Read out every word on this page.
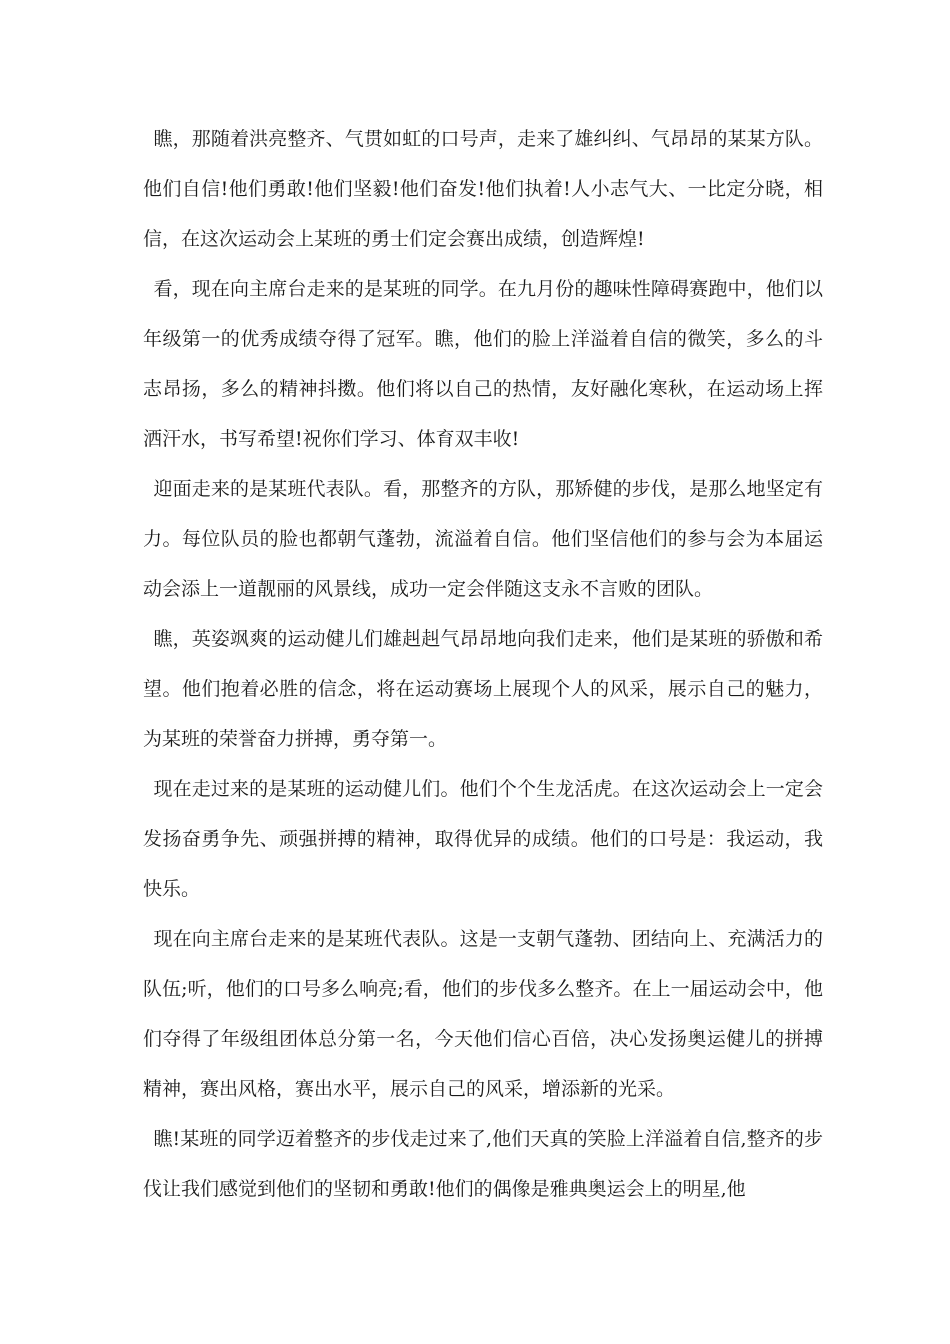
瞧，那随着洪亮整齐、气贯如虹的口号声，走来了雄纠纠、气昂昂的某某方队。他们自信!他们勇敢!他们坚毅!他们奋发!他们执着!人小志气大、一比定分晓，相信，在这次运动会上某班的勇士们定会赛出成绩，创造辉煌!

看，现在向主席台走来的是某班的同学。在九月份的趣味性障碍赛跑中，他们以年级第一的优秀成绩夺得了冠军。瞧，他们的脸上洋溢着自信的微笑，多么的斗志昂扬，多么的精神抖擞。他们将以自己的热情，友好融化寒秋，在运动场上挥洒汗水，书写希望!祝你们学习、体育双丰收!

迎面走来的是某班代表队。看，那整齐的方队，那矫健的步伐，是那么地坚定有力。每位队员的脸也都朝气蓬勃，流溢着自信。他们坚信他们的参与会为本届运动会添上一道靓丽的风景线，成功一定会伴随这支永不言败的团队。

瞧，英姿飒爽的运动健儿们雄赳赳气昂昂地向我们走来，他们是某班的骄傲和希望。他们抱着必胜的信念，将在运动赛场上展现个人的风采，展示自己的魅力，为某班的荣誉奋力拼搏，勇夺第一。

现在走过来的是某班的运动健儿们。他们个个生龙活虎。在这次运动会上一定会发扬奋勇争先、顽强拼搏的精神，取得优异的成绩。他们的口号是：我运动，我快乐。

现在向主席台走来的是某班代表队。这是一支朝气蓬勃、团结向上、充满活力的队伍;听，他们的口号多么响亮;看，他们的步伐多么整齐。在上一届运动会中，他们夺得了年级组团体总分第一名，今天他们信心百倍，决心发扬奥运健儿的拼搏精神，赛出风格，赛出水平，展示自己的风采，增添新的光采。

瞧!某班的同学迈着整齐的步伐走过来了,他们天真的笑脸上洋溢着自信,整齐的步伐让我们感觉到他们的坚韧和勇敢!他们的偶像是雅典奥运会上的明星,他
